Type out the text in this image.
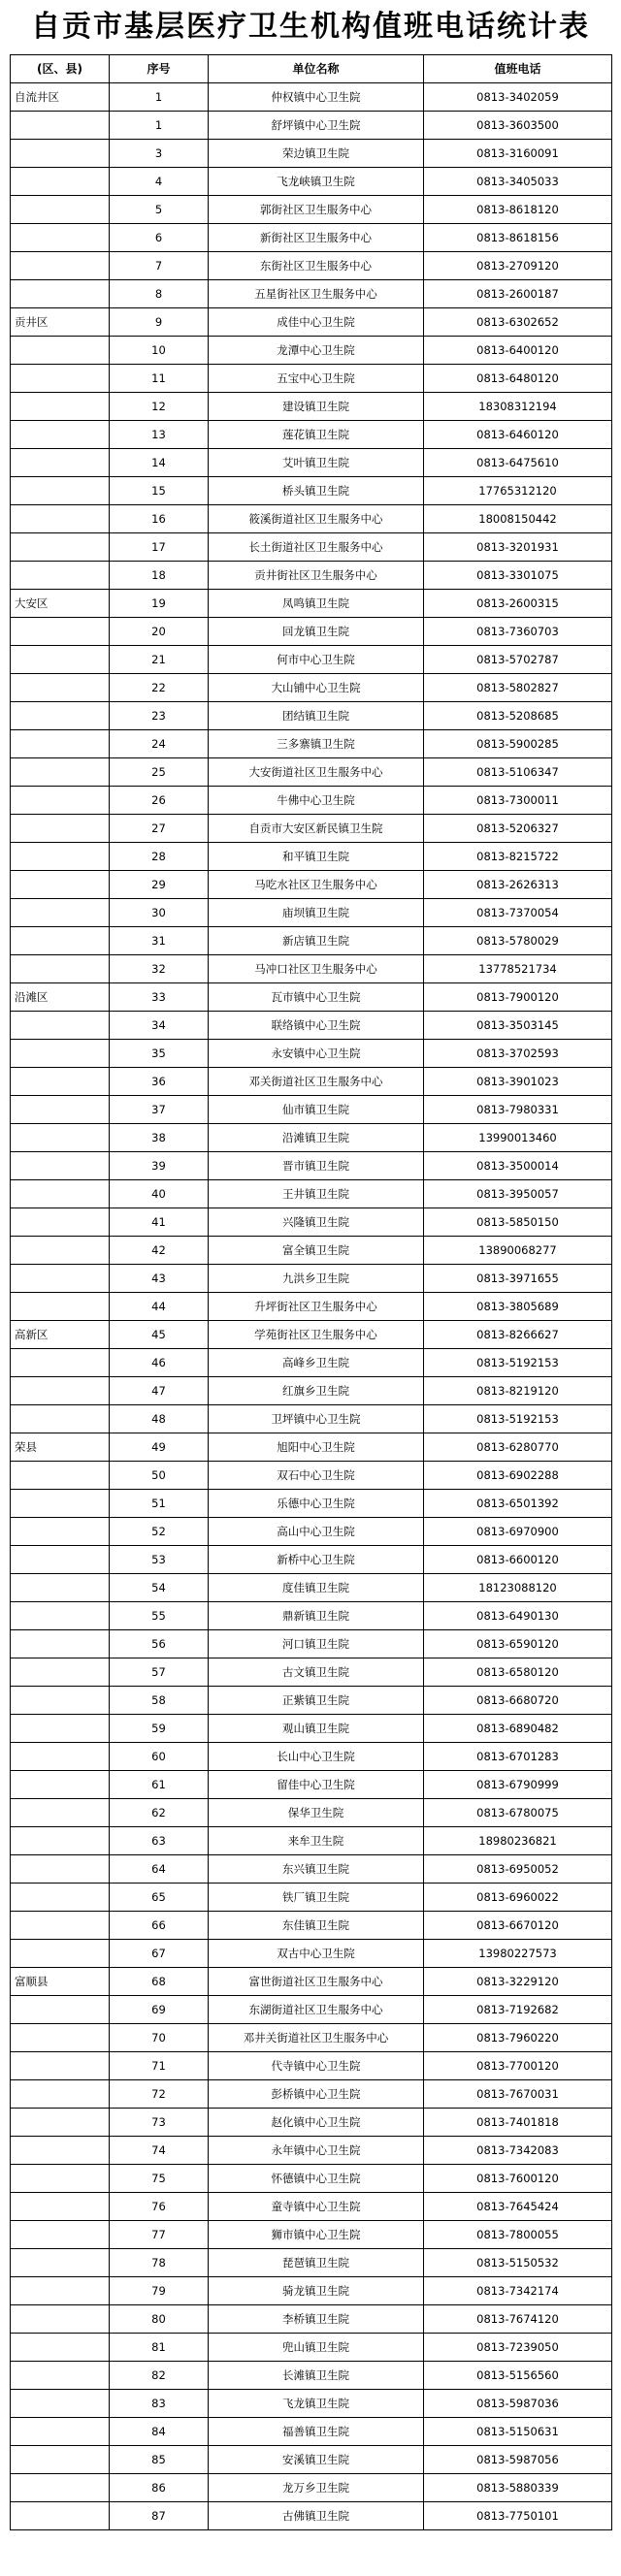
自贡市基层医疗卫生机构值班电话统计表
(区、县)	序号	单位名称	值班电话
自流井区	1	仲权镇中心卫生院	0813-3402059
	1	舒坪镇中心卫生院	0813-3603500
	3	荣边镇卫生院	0813-3160091
	4	飞龙峡镇卫生院	0813-3405033
	5	郭街社区卫生服务中心	0813-8618120
	6	新街社区卫生服务中心	0813-8618156
	7	东街社区卫生服务中心	0813-2709120
	8	五星街社区卫生服务中心	0813-2600187
贡井区	9	成佳中心卫生院	0813-6302652
	10	龙潭中心卫生院	0813-6400120
	11	五宝中心卫生院	0813-6480120
	12	建设镇卫生院	18308312194
	13	莲花镇卫生院	0813-6460120
	14	艾叶镇卫生院	0813-6475610
	15	桥头镇卫生院	17765312120
	16	筱溪街道社区卫生服务中心	18008150442
	17	长土街道社区卫生服务中心	0813-3201931
	18	贡井街社区卫生服务中心	0813-3301075
大安区	19	凤鸣镇卫生院	0813-2600315
	20	回龙镇卫生院	0813-7360703
	21	何市中心卫生院	0813-5702787
	22	大山铺中心卫生院	0813-5802827
	23	团结镇卫生院	0813-5208685
	24	三多寨镇卫生院	0813-5900285
	25	大安街道社区卫生服务中心	0813-5106347
	26	牛佛中心卫生院	0813-7300011
	27	自贡市大安区新民镇卫生院	0813-5206327
	28	和平镇卫生院	0813-8215722
	29	马吃水社区卫生服务中心	0813-2626313
	30	庙坝镇卫生院	0813-7370054
	31	新店镇卫生院	0813-5780029
	32	马冲口社区卫生服务中心	13778521734
沿滩区	33	瓦市镇中心卫生院	0813-7900120
	34	联络镇中心卫生院	0813-3503145
	35	永安镇中心卫生院	0813-3702593
	36	邓关街道社区卫生服务中心	0813-3901023
	37	仙市镇卫生院	0813-7980331
	38	沿滩镇卫生院	13990013460
	39	晋市镇卫生院	0813-3500014
	40	王井镇卫生院	0813-3950057
	41	兴隆镇卫生院	0813-5850150
	42	富全镇卫生院	13890068277
	43	九洪乡卫生院	0813-3971655
	44	升坪街社区卫生服务中心	0813-3805689
高新区	45	学苑街社区卫生服务中心	0813-8266627
	46	高峰乡卫生院	0813-5192153
	47	红旗乡卫生院	0813-8219120
	48	卫坪镇中心卫生院	0813-5192153
荣县	49	旭阳中心卫生院	0813-6280770
	50	双石中心卫生院	0813-6902288
	51	乐德中心卫生院	0813-6501392
	52	高山中心卫生院	0813-6970900
	53	新桥中心卫生院	0813-6600120
	54	度佳镇卫生院	18123088120
	55	鼎新镇卫生院	0813-6490130
	56	河口镇卫生院	0813-6590120
	57	古文镇卫生院	0813-6580120
	58	正紫镇卫生院	0813-6680720
	59	观山镇卫生院	0813-6890482
	60	长山中心卫生院	0813-6701283
	61	留佳中心卫生院	0813-6790999
	62	保华卫生院	0813-6780075
	63	来牟卫生院	18980236821
	64	东兴镇卫生院	0813-6950052
	65	铁厂镇卫生院	0813-6960022
	66	东佳镇卫生院	0813-6670120
	67	双古中心卫生院	13980227573
富顺县	68	富世街道社区卫生服务中心	0813-3229120
	69	东湖街道社区卫生服务中心	0813-7192682
	70	邓井关街道社区卫生服务中心	0813-7960220
	71	代寺镇中心卫生院	0813-7700120
	72	彭桥镇中心卫生院	0813-7670031
	73	赵化镇中心卫生院	0813-7401818
	74	永年镇中心卫生院	0813-7342083
	75	怀德镇中心卫生院	0813-7600120
	76	童寺镇中心卫生院	0813-7645424
	77	狮市镇中心卫生院	0813-7800055
	78	琵琶镇卫生院	0813-5150532
	79	骑龙镇卫生院	0813-7342174
	80	李桥镇卫生院	0813-7674120
	81	兜山镇卫生院	0813-7239050
	82	长滩镇卫生院	0813-5156560
	83	飞龙镇卫生院	0813-5987036
	84	福善镇卫生院	0813-5150631
	85	安溪镇卫生院	0813-5987056
	86	龙万乡卫生院	0813-5880339
	87	古佛镇卫生院	0813-7750101
